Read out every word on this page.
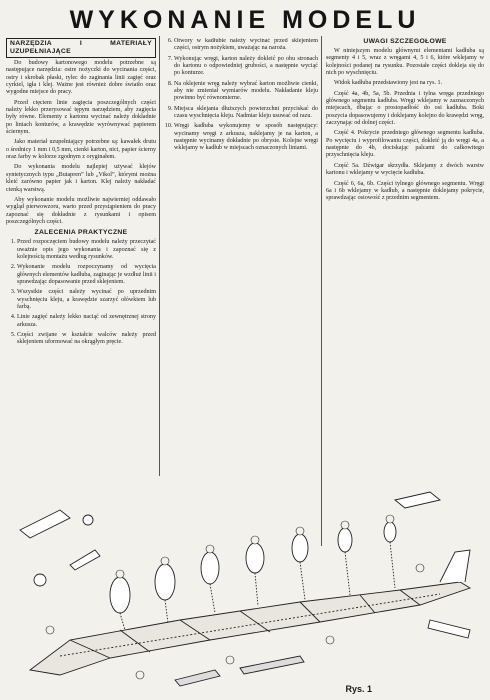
WYKONANIE MODELU
NARZĘDZIA I MATERIAŁY UZUPEŁNIAJĄCE

Do budowy kartonowego modelu potrzebne są następujące narzędzia: ostre nożyczki do wycinania części, ostry i skrobak płaski, rylec do zaginania linii zagięć oraz cyrkiel, igła i klej. Ważne jest również dobre światło oraz wygodne miejsce do pracy.

Przed cięciem linie zagięcia poszczególnych części należy lekko przerysować tępym narzędziem, aby zagięcia były równe. Elementy z kartonu wycinać należy dokładnie po liniach konturów, a krawędzie wyrównywać papierem ściernym.

Jako materiał uzupełniający potrzebne są: kawałek drutu o średnicy 1 mm i 0,5 mm, cienki karton, nici, papier ścierny oraz farby w kolorze zgodnym z oryginałem.

Do wykonania modelu najlepiej używać klejów syntetycznych typu „Butapren” lub „Vikol”, którymi można kleić zarówno papier jak i karton. Klej należy nakładać cienką warstwą.

Aby wykonanie modelu możliwie najwierniej oddawało wygląd pierwowzoru, warto przed przystąpieniem do pracy zapoznać się dokładnie z rysunkami i opisem poszczególnych części.

ZALECENIA PRAKTYCZNE
1. Przed rozpoczęciem budowy modelu należy przeczytać uważnie opis jego wykonania i zapoznać się z kolejnością montażu według rysunków.
2. Wykonanie modelu rozpoczynamy od wycięcia głównych elementów kadłuba, zaginając je wzdłuż linii i sprawdzając dopasowanie przed sklejeniem.
3. Wszystkie części należy wycinać po uprzednim wyschnięciu kleju, a krawędzie szarzyć ołówkiem lub farbą.
4. Linie zagięć należy lekko naciąć od zewnętrznej strony arkusza.
5. Części zwijane w kształcie walców należy przed sklejeniem uformować na okrągłym pręcie.
6. Otwory w kadłubie należy wycinać przed sklejeniem części, ostrym nożykiem, uważając na naroża.
7. Wykonując wręgi, karton należy dokleić po obu stronach do kartonu o odpowiedniej grubości, a następnie wyciąć po konturze.
8. Na oklejenie wręg należy wybrać karton możliwie cienki, aby nie zmieniał wymiarów modelu. Nakładanie kleju powinno być równomierne.
9. Miejsca sklejania dłuższych powierzchni przyciskać do czasu wyschnięcia kleju. Nadmiar kleju usuwać od razu.
10. Wręgi kadłuba wykonujemy w sposób następujący: wycinamy wręgi z arkusza, naklejamy je na karton, a następnie wycinamy dokładnie po obrysie. Kolejne wręgi wklejamy w kadłub w miejscach oznaczonych liniami.
UWAGI SZCZEGÓŁOWE

W niniejszym modelu głównymi elementami kadłuba są segmenty 4 i 5, wraz z wręgami 4, 5 i 6, które wklejamy w kolejności podanej na rysunku. Pozostałe części dokleja się do nich po wyschnięciu.

Widok kadłuba przedstawiony jest na rys. 1.

Część 4a, 4b, 5a, 5b. Przednia i tylna wręga przedniego głównego segmentu kadłuba. Wręgi wklejamy w zaznaczonych miejscach, dbając o prostopadłość do osi kadłuba. Boki poszycia dopasowujemy i doklejamy kolejno do krawędzi wręg, zaczynając od dolnej części.

Część 4. Pokrycie przedniego głównego segmentu kadłuba. Po wycięciu i wyprofilowaniu części, dokleić ją do wręgi 4a, a następnie do 4b, dociskając palcami do całkowitego przyschnięcia kleju.

Część 5a. Dźwigar skrzydła. Sklejamy z dwóch warstw kartonu i wklejamy w wycięcie kadłuba.

Część 6, 6a, 6b. Części tylnego głównego segmentu. Wręgi 6a i 6b wklejamy w kadłub, a następnie doklejamy pokrycie, sprawdzając osiowość z przednim segmentem.

Rys. 1
